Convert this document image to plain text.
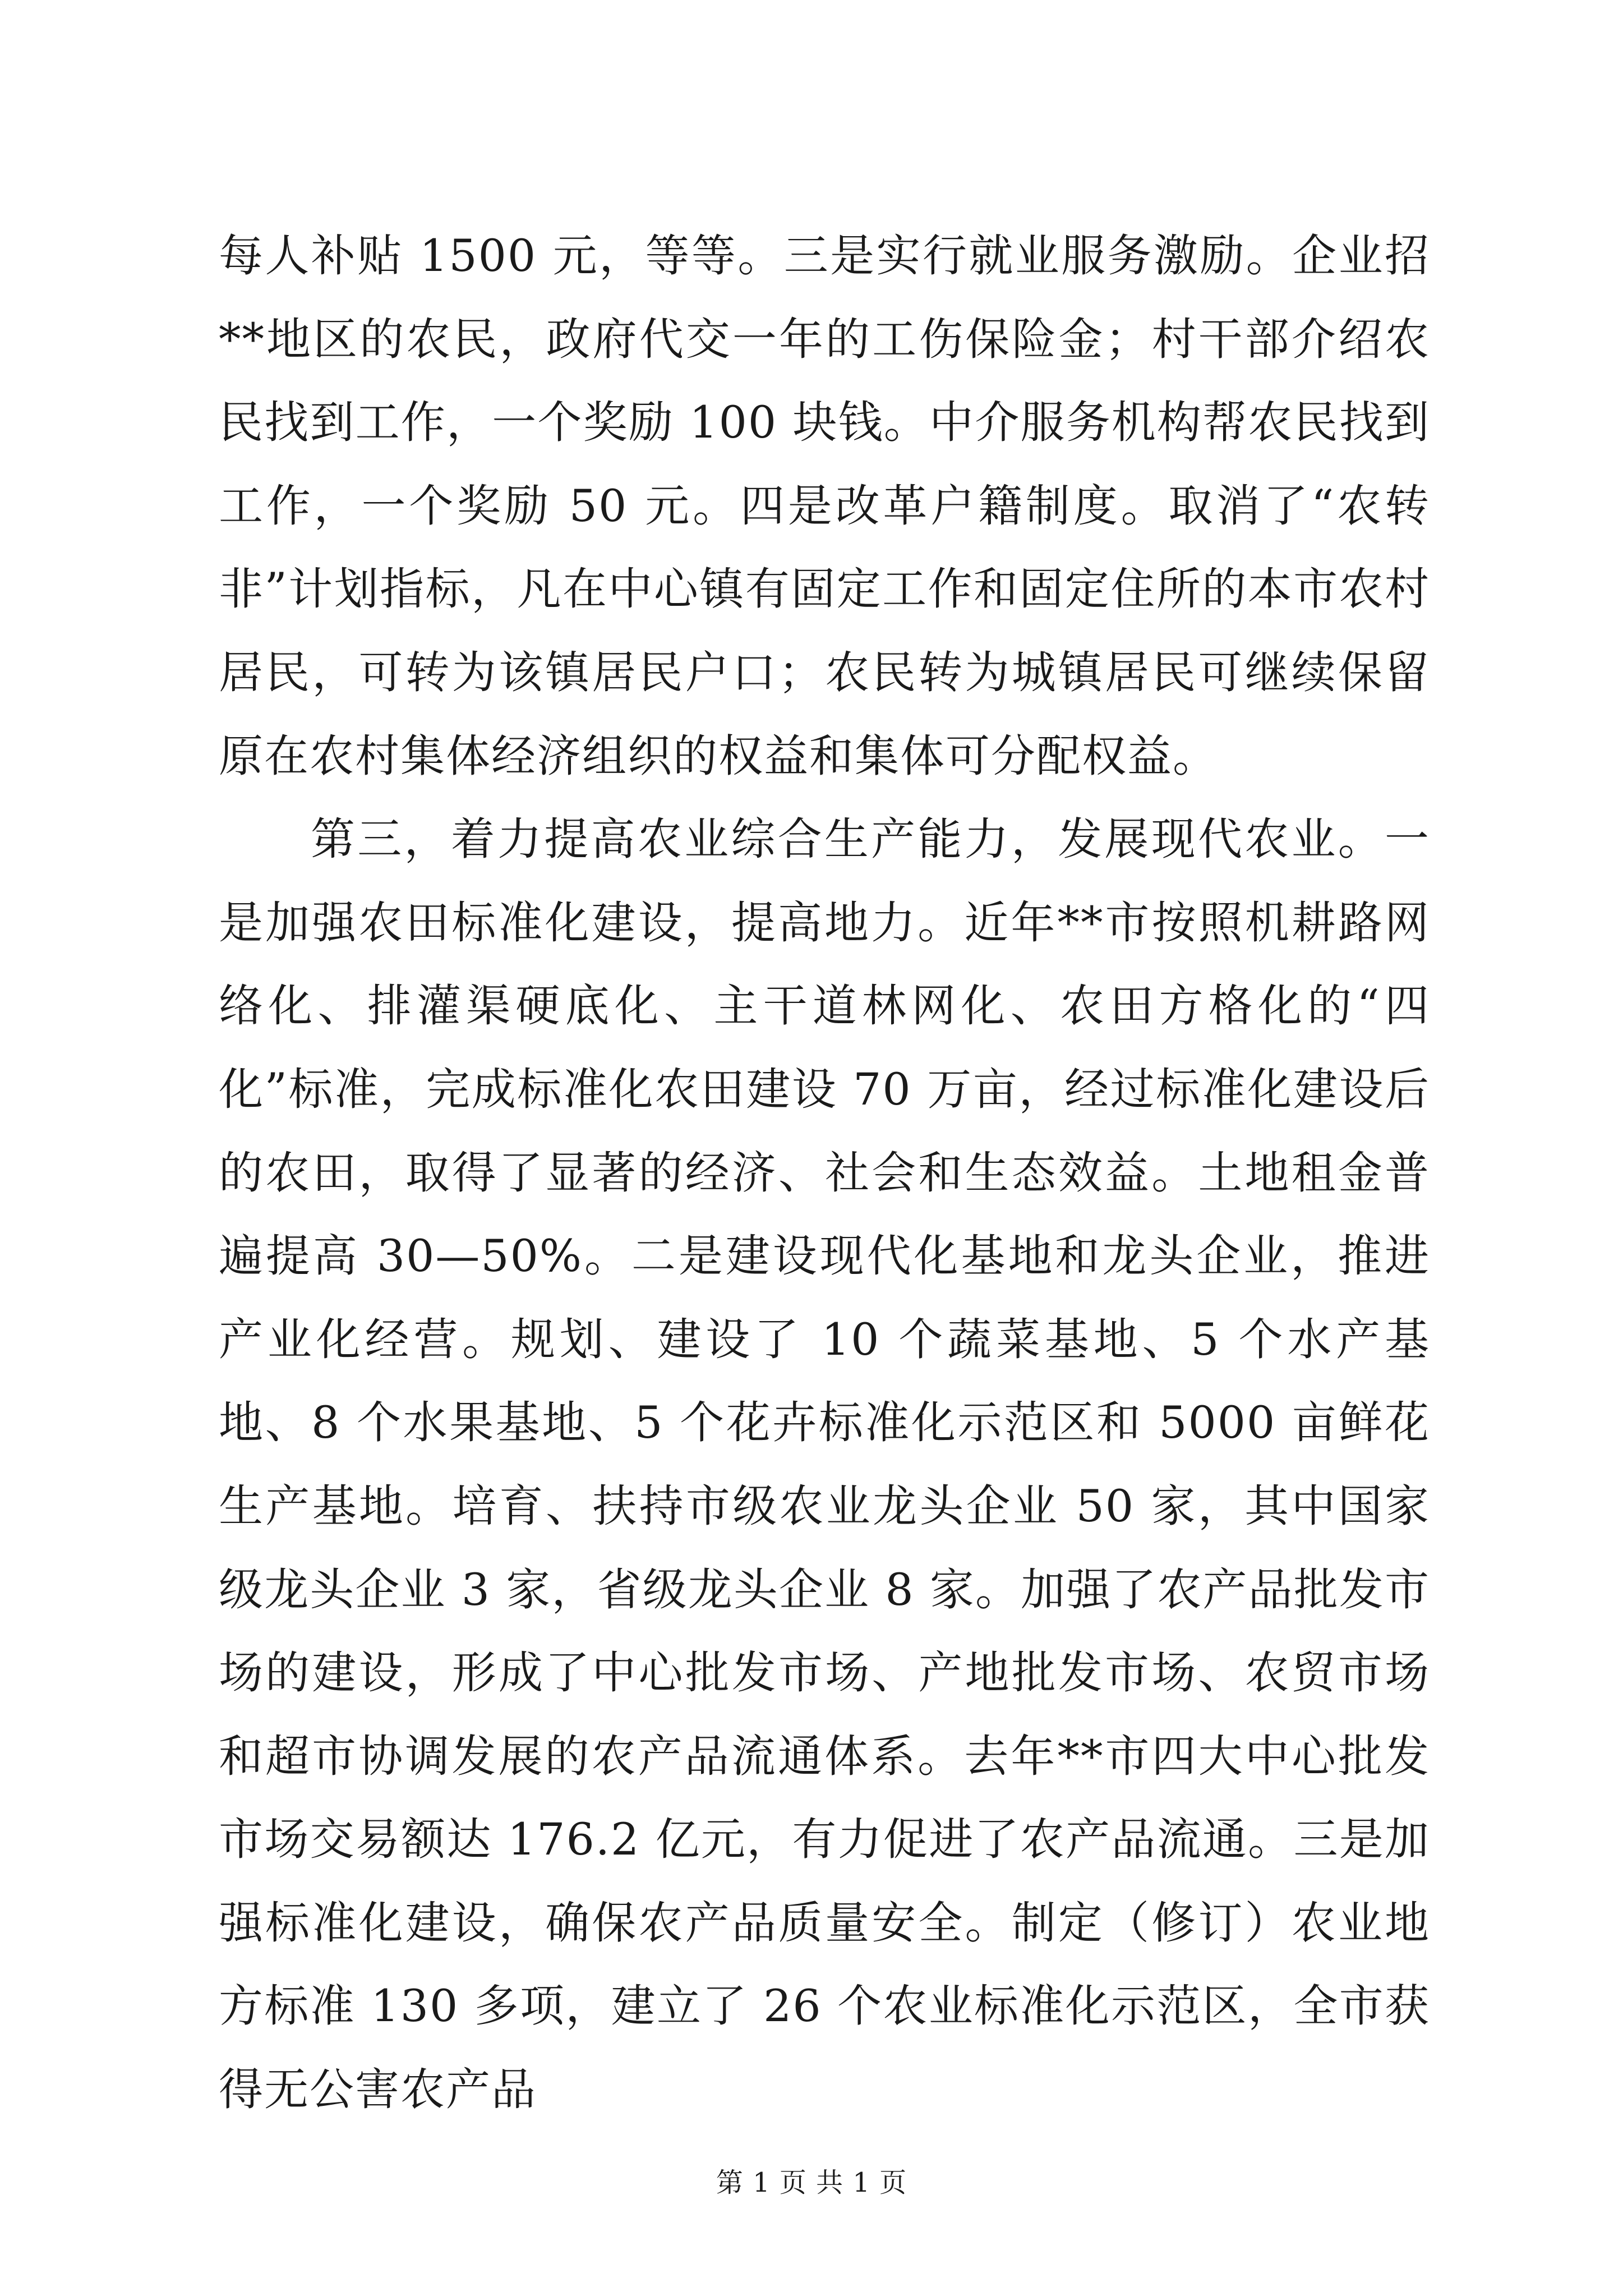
每人补贴 1500 元，等等。三是实行就业服务激励。企业招**地区的农民，政府代交一年的工伤保险金；村干部介绍农民找到工作，一个奖励 100 块钱。中介服务机构帮农民找到工作，一个奖励 50 元。四是改革户籍制度。取消了“农转非”计划指标，凡在中心镇有固定工作和固定住所的本市农村居民，可转为该镇居民户口；农民转为城镇居民可继续保留原在农村集体经济组织的权益和集体可分配权益。

第三，着力提高农业综合生产能力，发展现代农业。一是加强农田标准化建设，提高地力。近年**市按照机耕路网络化、排灌渠硬底化、主干道林网化、农田方格化的“四化”标准，完成标准化农田建设 70 万亩，经过标准化建设后的农田，取得了显著的经济、社会和生态效益。土地租金普遍提高 30—50%。二是建设现代化基地和龙头企业，推进产业化经营。规划、建设了 10 个蔬菜基地、5 个水产基地、8 个水果基地、5 个花卉标准化示范区和 5000 亩鲜花生产基地。培育、扶持市级农业龙头企业 50 家，其中国家级龙头企业 3 家，省级龙头企业 8 家。加强了农产品批发市场的建设，形成了中心批发市场、产地批发市场、农贸市场和超市协调发展的农产品流通体系。去年**市四大中心批发市场交易额达 176.2 亿元，有力促进了农产品流通。三是加强标准化建设，确保农产品质量安全。制定（修订）农业地方标准 130 多项，建立了 26 个农业标准化示范区，全市获得无公害农产品

第 1 页 共 1 页
